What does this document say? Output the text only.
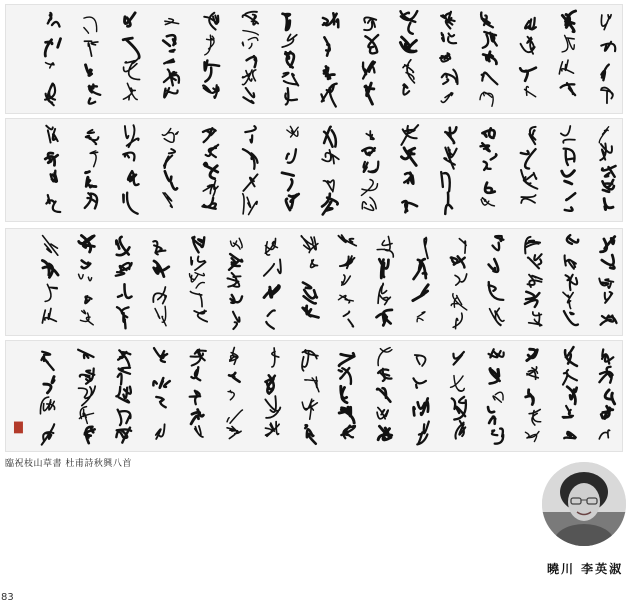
臨祝枝山草書 杜甫詩秋興八首
曉川 李英淑
83
